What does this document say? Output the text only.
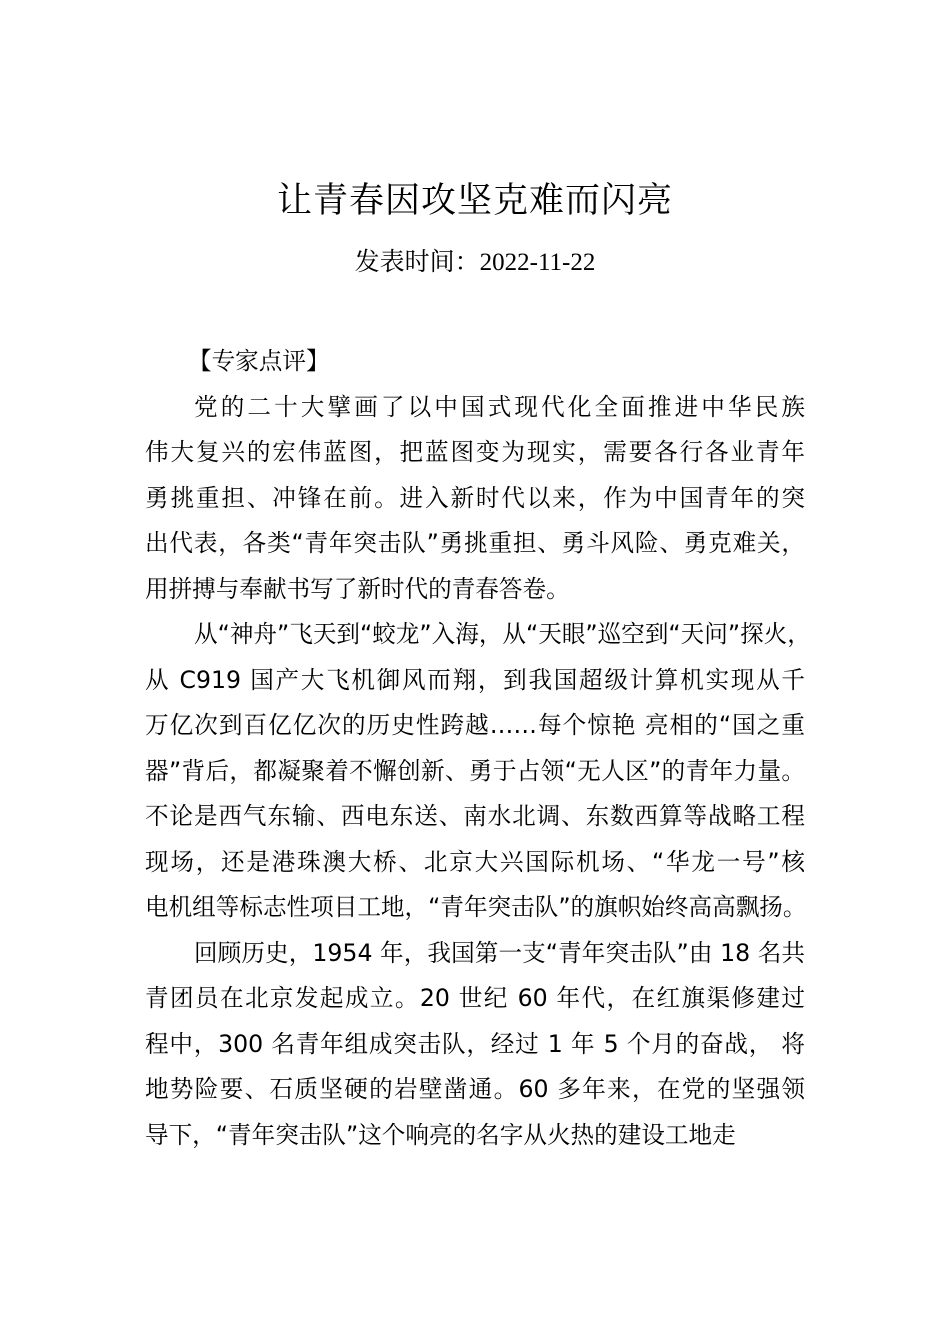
让青春因攻坚克难而闪亮
发表时间：2022-11-22
【专家点评】
党的二十大擘画了以中国式现代化全面推进中华民族
伟大复兴的宏伟蓝图，把蓝图变为现实，需要各行各业青年
勇挑重担、冲锋在前。进入新时代以来，作为中国青年的突
出代表，各类“青年突击队”勇挑重担、勇斗风险、勇克难关，
用拼搏与奉献书写了新时代的青春答卷。
从“神舟”飞天到“蛟龙”入海，从“天眼”巡空到“天问”探火，
从 C919 国产大飞机御风而翔，到我国超级计算机实现从千
万亿次到百亿亿次的历史性跨越……每个惊艳 亮相的“国之重
器”背后，都凝聚着不懈创新、勇于占领“无人区”的青年力量。
不论是西气东输、西电东送、南水北调、东数西算等战略工程
现场，还是港珠澳大桥、北京大兴国际机场、“华龙一号”核
电机组等标志性项目工地，“青年突击队”的旗帜始终高高飘扬。
回顾历史，1954 年，我国第一支“青年突击队”由 18 名共
青团员在北京发起成立。20 世纪 60 年代，在红旗渠修建过
程中，300 名青年组成突击队，经过 1 年 5 个月的奋战， 将
地势险要、石质坚硬的岩壁凿通。60 多年来，在党的坚强领
导下，“青年突击队”这个响亮的名字从火热的建设工地走
